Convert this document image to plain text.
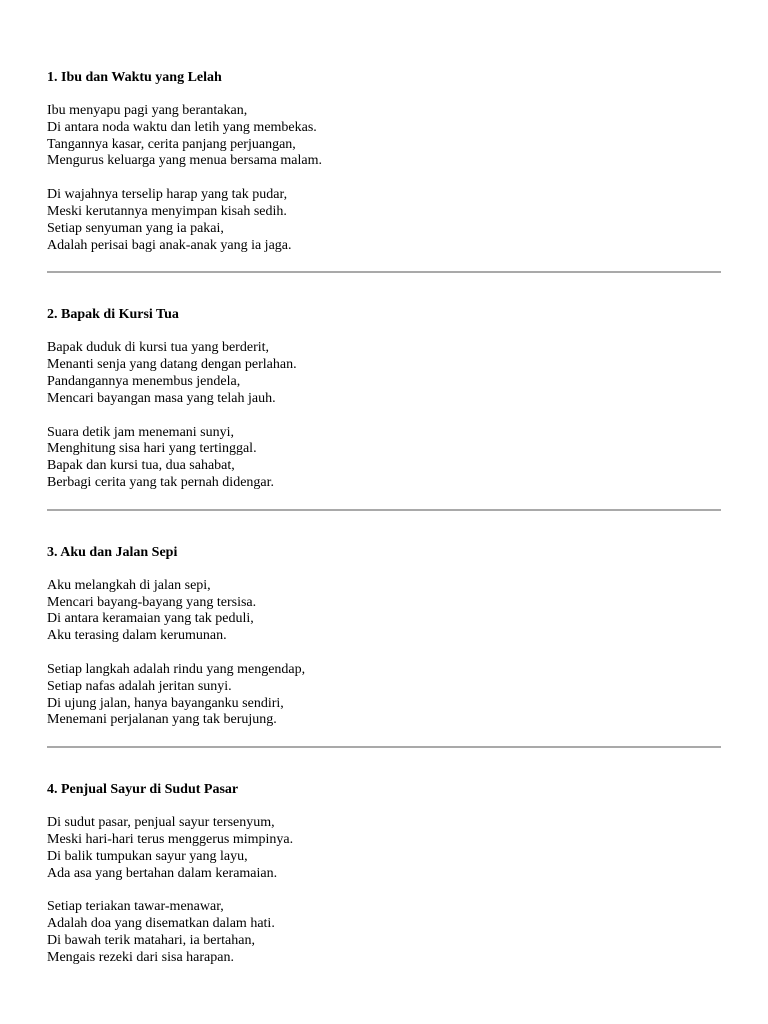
1. Ibu dan Waktu yang Lelah

Ibu menyapu pagi yang berantakan,
Di antara noda waktu dan letih yang membekas.
Tangannya kasar, cerita panjang perjuangan,
Mengurus keluarga yang menua bersama malam.

Di wajahnya terselip harap yang tak pudar,
Meski kerutannya menyimpan kisah sedih.
Setiap senyuman yang ia pakai,
Adalah perisai bagi anak-anak yang ia jaga.

2. Bapak di Kursi Tua

Bapak duduk di kursi tua yang berderit,
Menanti senja yang datang dengan perlahan.
Pandangannya menembus jendela,
Mencari bayangan masa yang telah jauh.

Suara detik jam menemani sunyi,
Menghitung sisa hari yang tertinggal.
Bapak dan kursi tua, dua sahabat,
Berbagi cerita yang tak pernah didengar.

3. Aku dan Jalan Sepi

Aku melangkah di jalan sepi,
Mencari bayang-bayang yang tersisa.
Di antara keramaian yang tak peduli,
Aku terasing dalam kerumunan.

Setiap langkah adalah rindu yang mengendap,
Setiap nafas adalah jeritan sunyi.
Di ujung jalan, hanya bayanganku sendiri,
Menemani perjalanan yang tak berujung.

4. Penjual Sayur di Sudut Pasar

Di sudut pasar, penjual sayur tersenyum,
Meski hari-hari terus menggerus mimpinya.
Di balik tumpukan sayur yang layu,
Ada asa yang bertahan dalam keramaian.

Setiap teriakan tawar-menawar,
Adalah doa yang disematkan dalam hati.
Di bawah terik matahari, ia bertahan,
Mengais rezeki dari sisa harapan.
